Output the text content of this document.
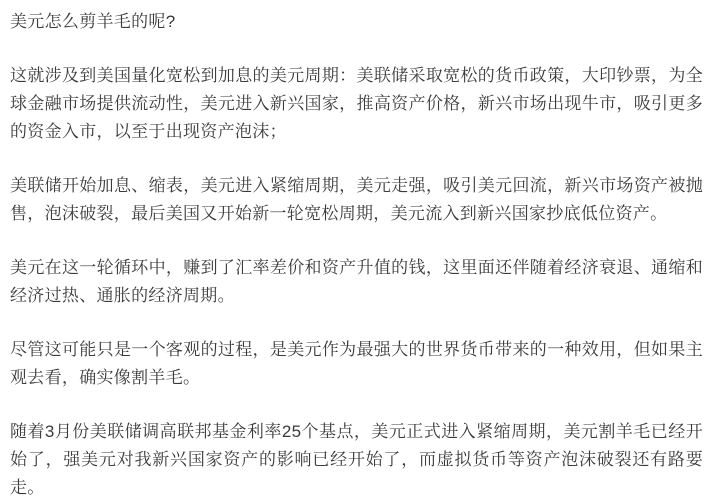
美元怎么剪羊毛的呢?

这就涉及到美国量化宽松到加息的美元周期：美联储采取宽松的货币政策，大印钞票，为全球金融市场提供流动性，美元进入新兴国家，推高资产价格，新兴市场出现牛市，吸引更多的资金入市，以至于出现资产泡沫；

美联储开始加息、缩表，美元进入紧缩周期，美元走强，吸引美元回流，新兴市场资产被抛售，泡沫破裂，最后美国又开始新一轮宽松周期，美元流入到新兴国家抄底低位资产。

美元在这一轮循环中，赚到了汇率差价和资产升值的钱，这里面还伴随着经济衰退、通缩和经济过热、通胀的经济周期。

尽管这可能只是一个客观的过程，是美元作为最强大的世界货币带来的一种效用，但如果主观去看，确实像割羊毛。

随着3月份美联储调高联邦基金利率25个基点，美元正式进入紧缩周期，美元割羊毛已经开始了，强美元对我新兴国家资产的影响已经开始了，而虚拟货币等资产泡沫破裂还有路要走。
